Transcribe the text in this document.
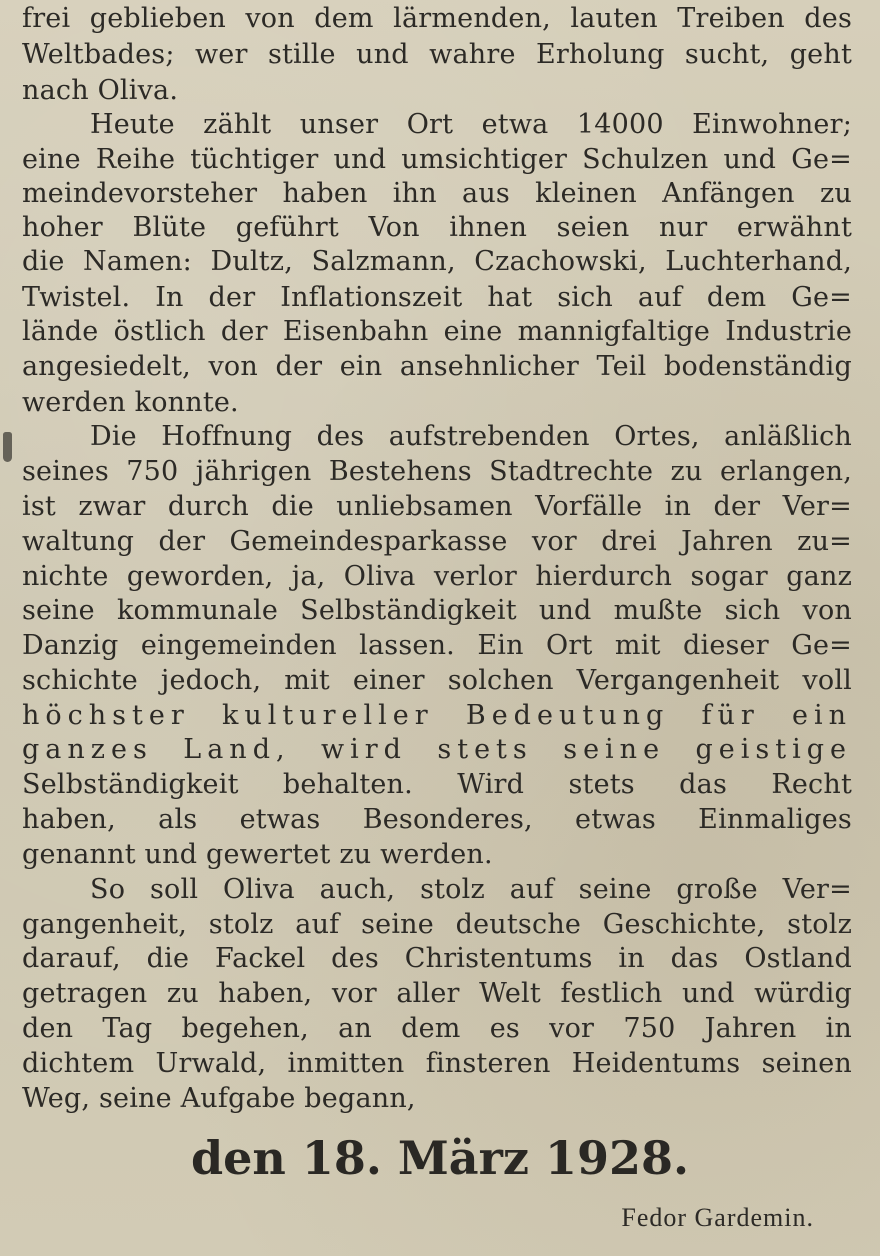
frei geblieben von dem lärmenden, lauten Treiben des
Weltbades; wer stille und wahre Erholung sucht, geht
nach Oliva.
Heute zählt unser Ort etwa 14000 Einwohner;
eine Reihe tüchtiger und umsichtiger Schulzen und Ge=
meindevorsteher haben ihn aus kleinen Anfängen zu
hoher Blüte geführt Von ihnen seien nur erwähnt
die Namen: Dultz, Salzmann, Czachowski, Luchterhand,
Twistel. In der Inflationszeit hat sich auf dem Ge=
lände östlich der Eisenbahn eine mannigfaltige Industrie
angesiedelt, von der ein ansehnlicher Teil bodenständig
werden konnte.
Die Hoffnung des aufstrebenden Ortes, anläßlich
seines 750 jährigen Bestehens Stadtrechte zu erlangen,
ist zwar durch die unliebsamen Vorfälle in der Ver=
waltung der Gemeindesparkasse vor drei Jahren zu=
nichte geworden, ja, Oliva verlor hierdurch sogar ganz
seine kommunale Selbständigkeit und mußte sich von
Danzig eingemeinden lassen. Ein Ort mit dieser Ge=
schichte jedoch, mit einer solchen Vergangenheit voll
höchster kultureller Bedeutung für ein
ganzes Land, wird stets seine geistige
Selbständigkeit behalten. Wird stets das Recht
haben, als etwas Besonderes, etwas Einmaliges
genannt und gewertet zu werden.
So soll Oliva auch, stolz auf seine große Ver=
gangenheit, stolz auf seine deutsche Geschichte, stolz
darauf, die Fackel des Christentums in das Ostland
getragen zu haben, vor aller Welt festlich und würdig
den Tag begehen, an dem es vor 750 Jahren in
dichtem Urwald, inmitten finsteren Heidentums seinen
Weg, seine Aufgabe begann,
den 18. März 1928.
Fedor Gardemin.
